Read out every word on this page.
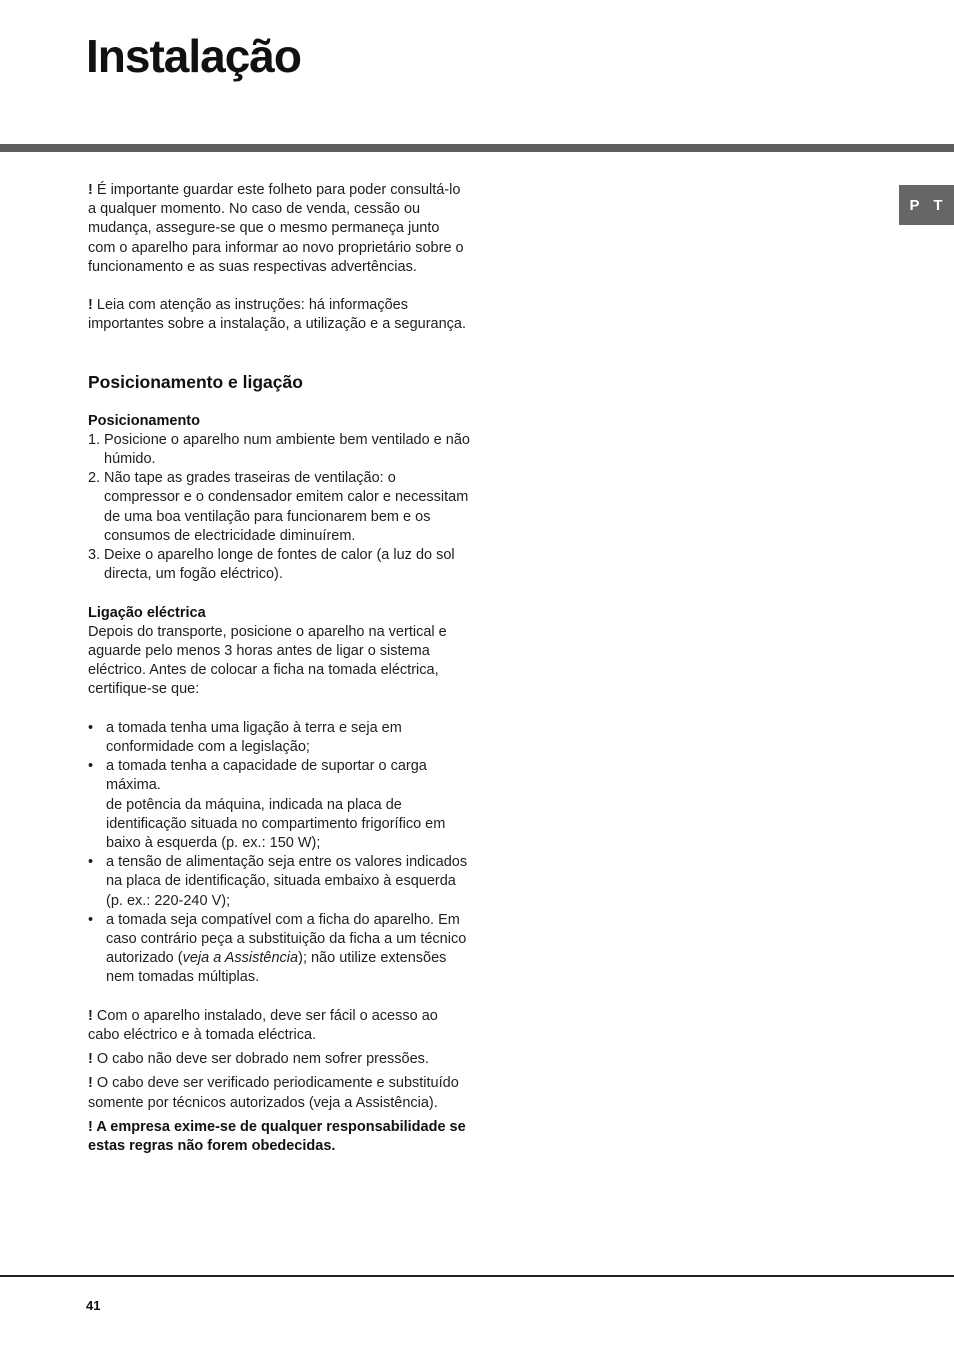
Instalação
P T

! É importante guardar este folheto para poder consultá-lo a qualquer momento. No caso de venda, cessão ou mudança, assegure-se que o mesmo permaneça junto com o aparelho para informar ao novo proprietário sobre o funcionamento e as suas respectivas advertências.

! Leia com atenção as instruções: há informações importantes sobre a instalação, a utilização e a segurança.

Posicionamento e ligação
Posicionamento
1. Posicione o aparelho num ambiente bem ventilado e não húmido.
2. Não tape as grades traseiras de ventilação: o compressor e o condensador emitem calor e necessitam de uma boa ventilação para funcionarem bem e os consumos de electricidade diminuírem.
3. Deixe o aparelho longe de fontes de calor (a luz do sol directa, um fogão eléctrico).
Ligação eléctrica

Depois do transporte, posicione o aparelho na vertical e aguarde pelo menos 3 horas antes de ligar o sistema eléctrico. Antes de colocar a ficha na tomada eléctrica, certifique-se que:

• a tomada tenha uma ligação à terra e seja em conformidade com a legislação;
• a tomada tenha a capacidade de suportar o carga máxima.
de potência da máquina, indicada na placa de identificação situada no compartimento frigorífico em baixo à esquerda (p. ex.: 150 W);
• a tensão de alimentação seja entre os valores indicados na placa de identificação, situada embaixo à esquerda (p. ex.: 220-240 V);
• a tomada seja compatível com a ficha do aparelho. Em caso contrário peça a substituição da ficha a um técnico autorizado (veja a Assistência); não utilize extensões nem tomadas múltiplas.

! Com o aparelho instalado, deve ser fácil o acesso ao cabo eléctrico e à tomada eléctrica.

! O cabo não deve ser dobrado nem sofrer pressões.

! O cabo deve ser verificado periodicamente e substituído somente por técnicos autorizados (veja a Assistência).

! A empresa exime-se de qualquer responsabilidade se estas regras não forem obedecidas.

41
